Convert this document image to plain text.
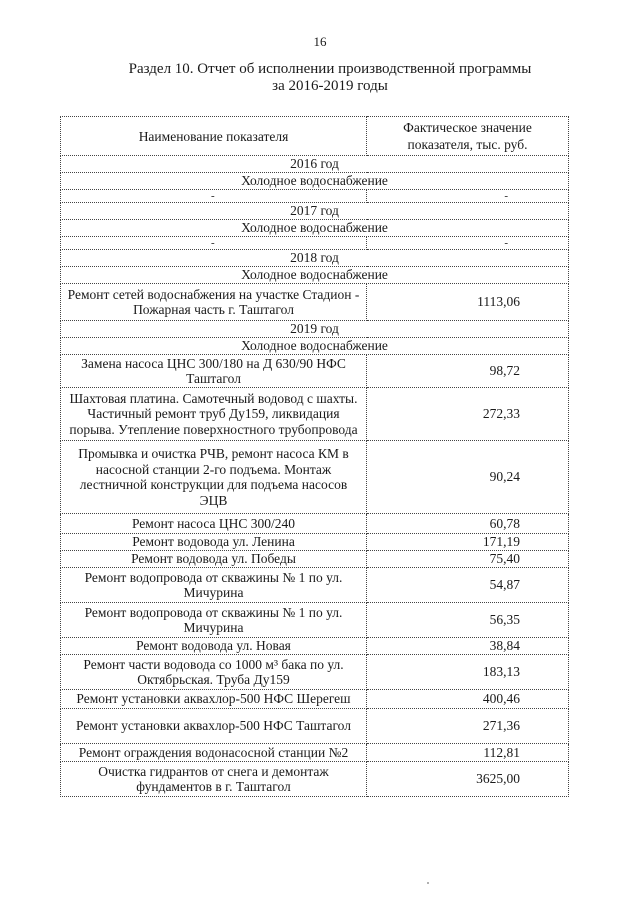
16
Раздел 10. Отчет об исполнении производственной программы
за 2016-2019 годы
Наименование показателя	Фактическое значение показателя, тыс. руб.
2016 год	
Холодное водоснабжение	
-	-
2017 год	
Холодное водоснабжение	
-	-
2018 год	
Холодное водоснабжение	
Ремонт сетей водоснабжения на участке Стадион - Пожарная часть г. Таштагол	1113,06
2019 год	
Холодное водоснабжение	
Замена насоса ЦНС 300/180 на Д 630/90 НФС Таштагол	98,72
Шахтовая платина. Самотечный водовод с шахты. Частичный ремонт труб Ду159, ликвидация порыва. Утепление поверхностного трубопровода	272,33
Промывка и очистка РЧВ, ремонт насоса КМ в насосной станции 2-го подъема. Монтаж лестничной конструкции для подъема насосов ЭЦВ	90,24
Ремонт насоса ЦНС 300/240	60,78
Ремонт водовода ул. Ленина	171,19
Ремонт водовода ул. Победы	75,40
Ремонт водопровода от скважины № 1 по ул. Мичурина	54,87
Ремонт водопровода от скважины № 1 по ул. Мичурина	56,35
Ремонт водовода ул. Новая	38,84
Ремонт части водовода со 1000 м³ бака по ул. Октябрьская. Труба Ду159	183,13
Ремонт установки аквахлор-500 НФС Шерегеш	400,46
Ремонт установки аквахлор-500 НФС Таштагол	271,36
Ремонт ограждения водонасосной станции №2	112,81
Очистка гидрантов от снега и демонтаж фундаментов в г. Таштагол	3625,00
